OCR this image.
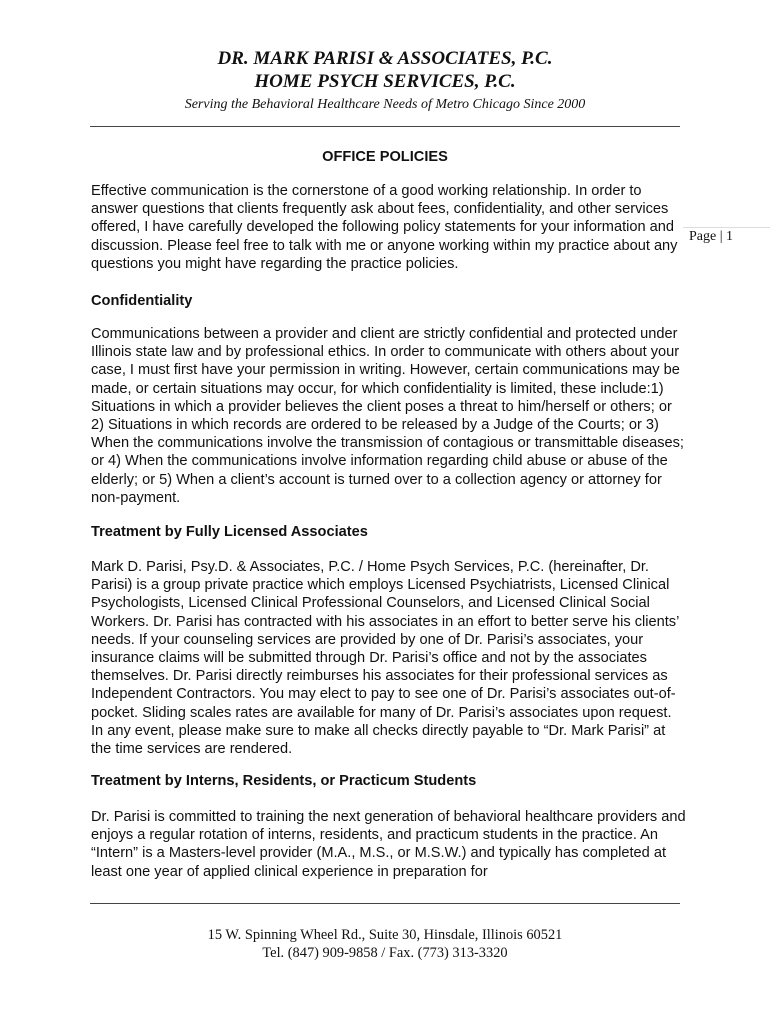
DR. MARK PARISI & ASSOCIATES, P.C.
HOME PSYCH SERVICES, P.C.
Serving the Behavioral Healthcare Needs of Metro Chicago Since 2000
OFFICE POLICIES
Page | 1

Effective communication is the cornerstone of a good working relationship. In order to answer questions that clients frequently ask about fees, confidentiality, and other services offered, I have carefully developed the following policy statements for your information and discussion. Please feel free to talk with me or anyone working within my practice about any questions you might have regarding the practice policies.

Confidentiality

Communications between a provider and client are strictly confidential and protected under Illinois state law and by professional ethics. In order to communicate with others about your case, I must first have your permission in writing. However, certain communications may be made, or certain situations may occur, for which confidentiality is limited, these include:1) Situations in which a provider believes the client poses a threat to him/herself or others; or 2) Situations in which records are ordered to be released by a Judge of the Courts; or 3) When the communications involve the transmission of contagious or transmittable diseases; or 4) When the communications involve information regarding child abuse or abuse of the elderly; or 5) When a client’s account is turned over to a collection agency or attorney for non-payment.

Treatment by Fully Licensed Associates

Mark D. Parisi, Psy.D. & Associates, P.C. / Home Psych Services, P.C. (hereinafter, Dr. Parisi) is a group private practice which employs Licensed Psychiatrists, Licensed Clinical Psychologists, Licensed Clinical Professional Counselors, and Licensed Clinical Social Workers. Dr. Parisi has contracted with his associates in an effort to better serve his clients’ needs. If your counseling services are provided by one of Dr. Parisi’s associates, your insurance claims will be submitted through Dr. Parisi’s office and not by the associates themselves. Dr. Parisi directly reimburses his associates for their professional services as Independent Contractors. You may elect to pay to see one of Dr. Parisi’s associates out-of-pocket. Sliding scales rates are available for many of Dr. Parisi’s associates upon request. In any event, please make sure to make all checks directly payable to “Dr. Mark Parisi” at the time services are rendered.

Treatment by Interns, Residents, or Practicum Students

Dr. Parisi is committed to training the next generation of behavioral healthcare providers and enjoys a regular rotation of interns, residents, and practicum students in the practice. An “Intern” is a Masters-level provider (M.A., M.S., or M.S.W.) and typically has completed at least one year of applied clinical experience in preparation for

15 W. Spinning Wheel Rd., Suite 30, Hinsdale, Illinois 60521
Tel. (847) 909-9858 / Fax. (773) 313-3320
